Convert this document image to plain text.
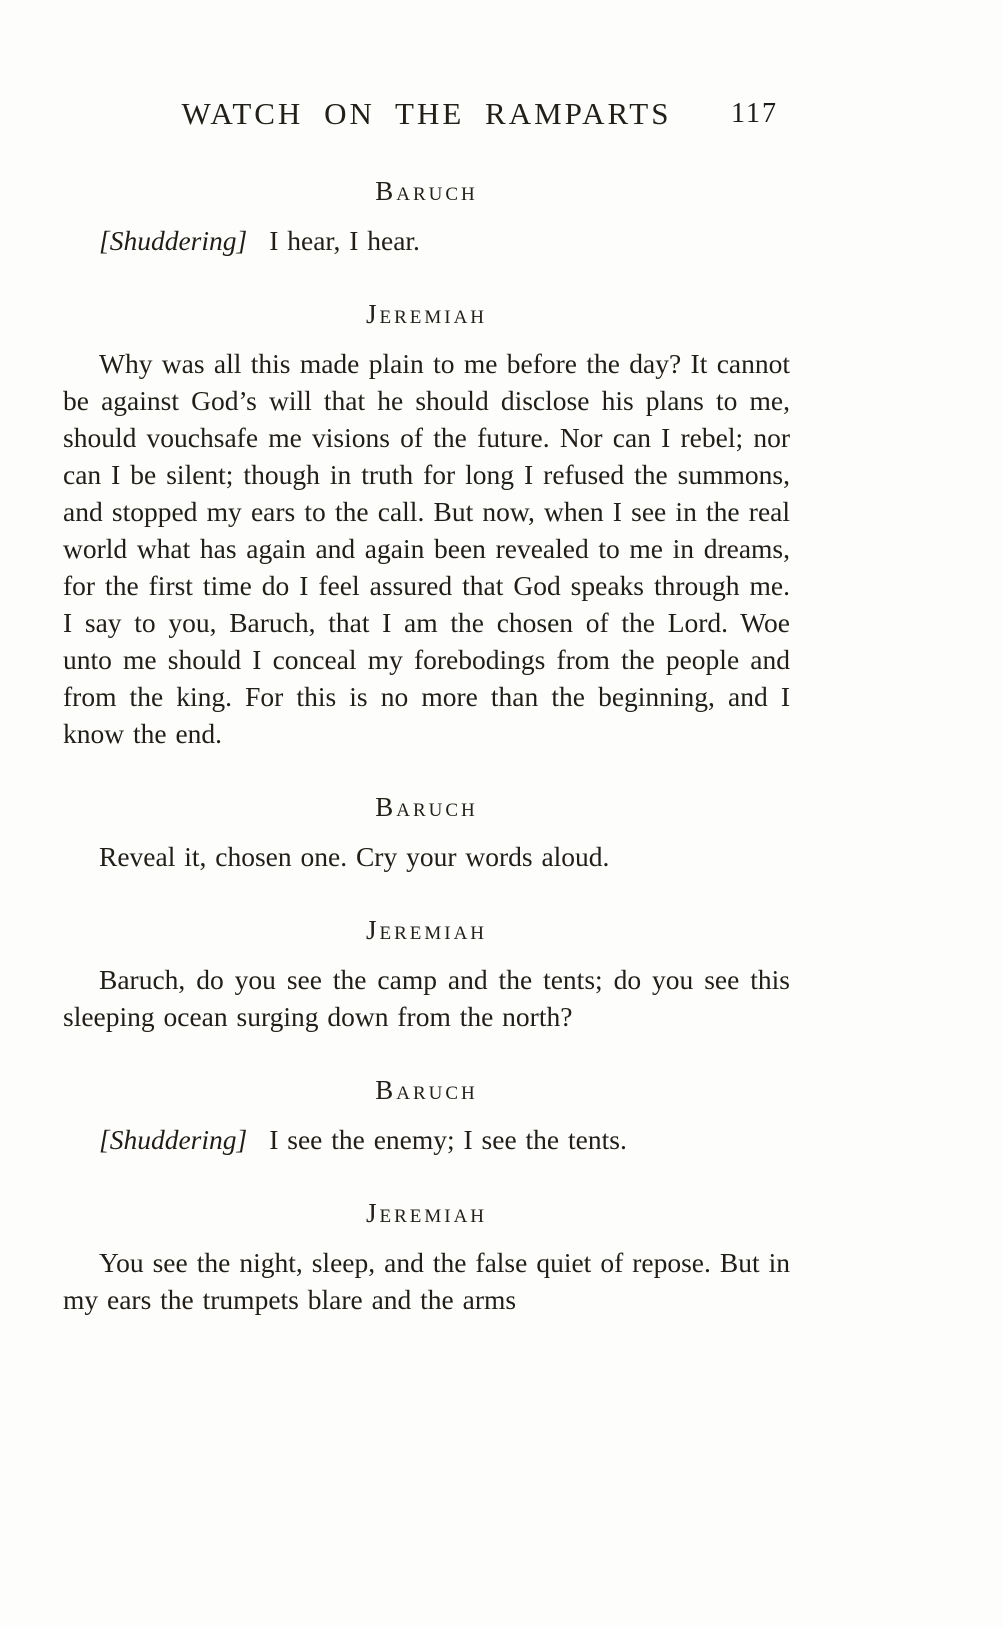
WATCH ON THE RAMPARTS	117
Baruch

[Shuddering] I hear, I hear.

Jeremiah

Why was all this made plain to me before the day? It cannot be against God’s will that he should disclose his plans to me, should vouchsafe me visions of the future. Nor can I rebel; nor can I be silent; though in truth for long I refused the summons, and stopped my ears to the call. But now, when I see in the real world what has again and again been revealed to me in dreams, for the first time do I feel assured that God speaks through me. I say to you, Baruch, that I am the chosen of the Lord. Woe unto me should I conceal my forebodings from the people and from the king. For this is no more than the beginning, and I know the end.

Baruch

Reveal it, chosen one. Cry your words aloud.

Jeremiah

Baruch, do you see the camp and the tents; do you see this sleeping ocean surging down from the north?

Baruch

[Shuddering] I see the enemy; I see the tents.

Jeremiah

You see the night, sleep, and the false quiet of repose. But in my ears the trumpets blare and the arms
